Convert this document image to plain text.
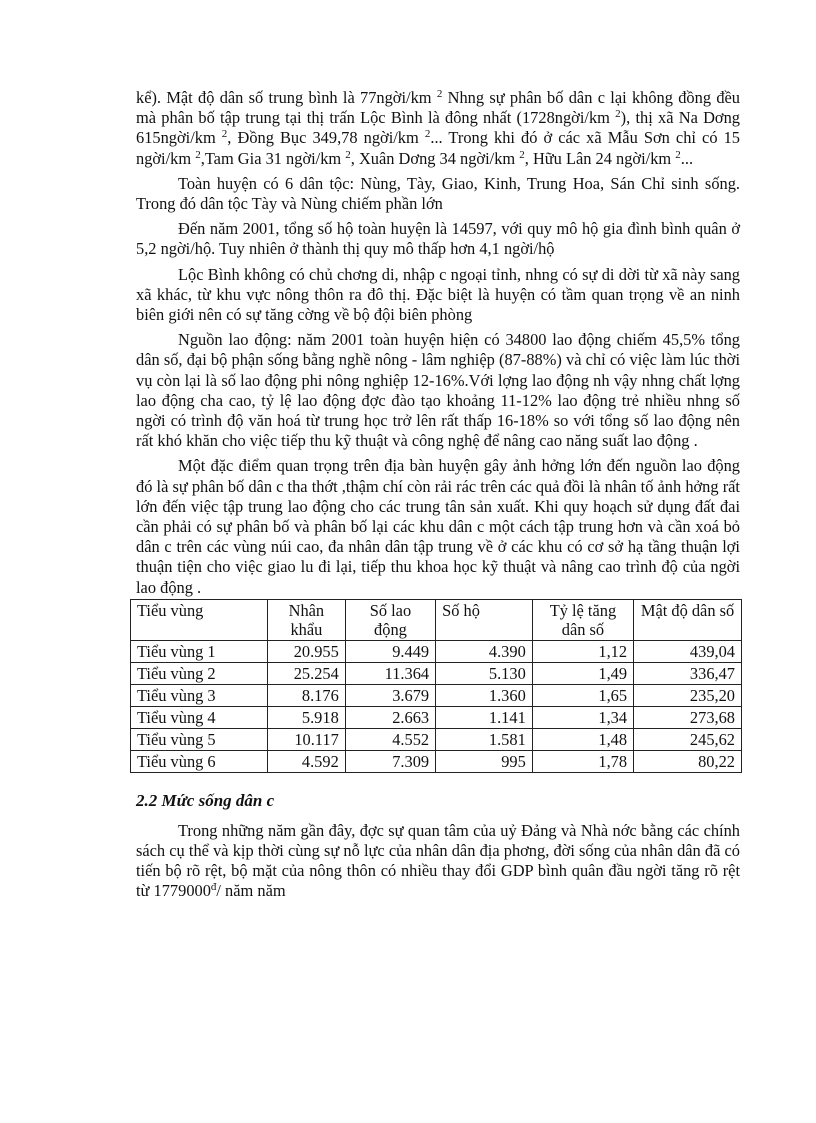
kể). Mật độ dân số trung bình là 77ngời/km $^2$ Nhng sự phân bố dân c lại không đồng đều mà phân bố tập trung tại thị trấn Lộc Bình là đông nhất (1728ngời/km $^2$), thị xã Na Dơng 615ngời/km $^2$, Đồng Bục 349,78 ngời/km $^2$... Trong khi đó ở các xã Mẫu Sơn chỉ có 15 ngời/km $^2$,Tam Gia 31 ngời/km $^2$, Xuân Dơng 34 ngời/km $^2$, Hữu Lân 24 ngời/km $^2$...

Toàn huyện có 6 dân tộc: Nùng, Tày, Giao, Kinh, Trung Hoa, Sán Chỉ sinh sống. Trong đó dân tộc Tày và Nùng chiếm phần lớn

Đến năm 2001, tổng số hộ toàn huyện là 14597, với quy mô hộ gia đình bình quân ở 5,2 ngời/hộ. Tuy nhiên ở thành thị quy mô thấp hơn 4,1 ngời/hộ

Lộc Bình không có chủ chơng di, nhập c ngoại tỉnh, nhng có sự di dời từ xã này sang xã khác, từ khu vực nông thôn ra đô thị. Đặc biệt là huyện có tầm quan trọng về an ninh biên giới nên có sự tăng cờng về bộ đội biên phòng

Nguồn lao động: năm 2001 toàn huyện hiện có 34800 lao động chiếm 45,5% tổng dân số, đại bộ phận sống bằng nghề nông - lâm nghiệp (87-88%) và chỉ có việc làm lúc thời vụ còn lại là số lao động phi nông nghiệp 12-16%.Với lợng lao động nh vậy nhng chất lợng lao động cha cao, tỷ lệ lao động đợc đào tạo khoảng 11-12% lao động trẻ nhiều nhng số ngời có trình độ văn hoá từ trung học trở lên rất thấp 16-18% so với tổng số lao động nên rất khó khăn cho việc tiếp thu kỹ thuật và công nghệ để nâng cao năng suất lao động .

Một đặc điểm quan trọng trên địa bàn huyện gây ảnh hởng lớn đến nguồn lao động đó là sự phân bố dân c tha thớt ,thậm chí còn rải rác trên các quả đồi là nhân tố ảnh hởng rất lớn đến việc tập trung lao động cho các trung tân sản xuất. Khi quy hoạch sử dụng đất đai cần phải có sự phân bố và phân bố lại các khu dân c một cách tập trung hơn và cần xoá bỏ dân c trên các vùng núi cao, đa nhân dân tập trung về ở các khu có cơ sở hạ tầng thuận lợi thuận tiện cho việc giao lu đi lại, tiếp thu khoa học kỹ thuật và nâng cao trình độ của ngời lao động .

Tiểu vùng	Nhân khẩu	Số lao động	Số hộ	Tỷ lệ tăng dân số	Mật độ dân số
Tiểu vùng 1	20.955	9.449	4.390	1,12	439,04
Tiểu vùng 2	25.254	11.364	5.130	1,49	336,47
Tiểu vùng 3	8.176	3.679	1.360	1,65	235,20
Tiểu vùng 4	5.918	2.663	1.141	1,34	273,68
Tiểu vùng 5	10.117	4.552	1.581	1,48	245,62
Tiểu vùng 6	4.592	7.309	995	1,78	80,22
2.2 Mức sống dân c

Trong những năm gần đây, đợc sự quan tâm của uỷ Đảng và Nhà nớc bằng các chính sách cụ thể và kịp thời cùng sự nỗ lực của nhân dân địa phơng, đời sống của nhân dân đã có tiến bộ rõ rệt, bộ mặt của nông thôn có nhiều thay đổi GDP bình quân đầu ngời tăng rõ rệt từ $1779000^đ/$ năm năm
